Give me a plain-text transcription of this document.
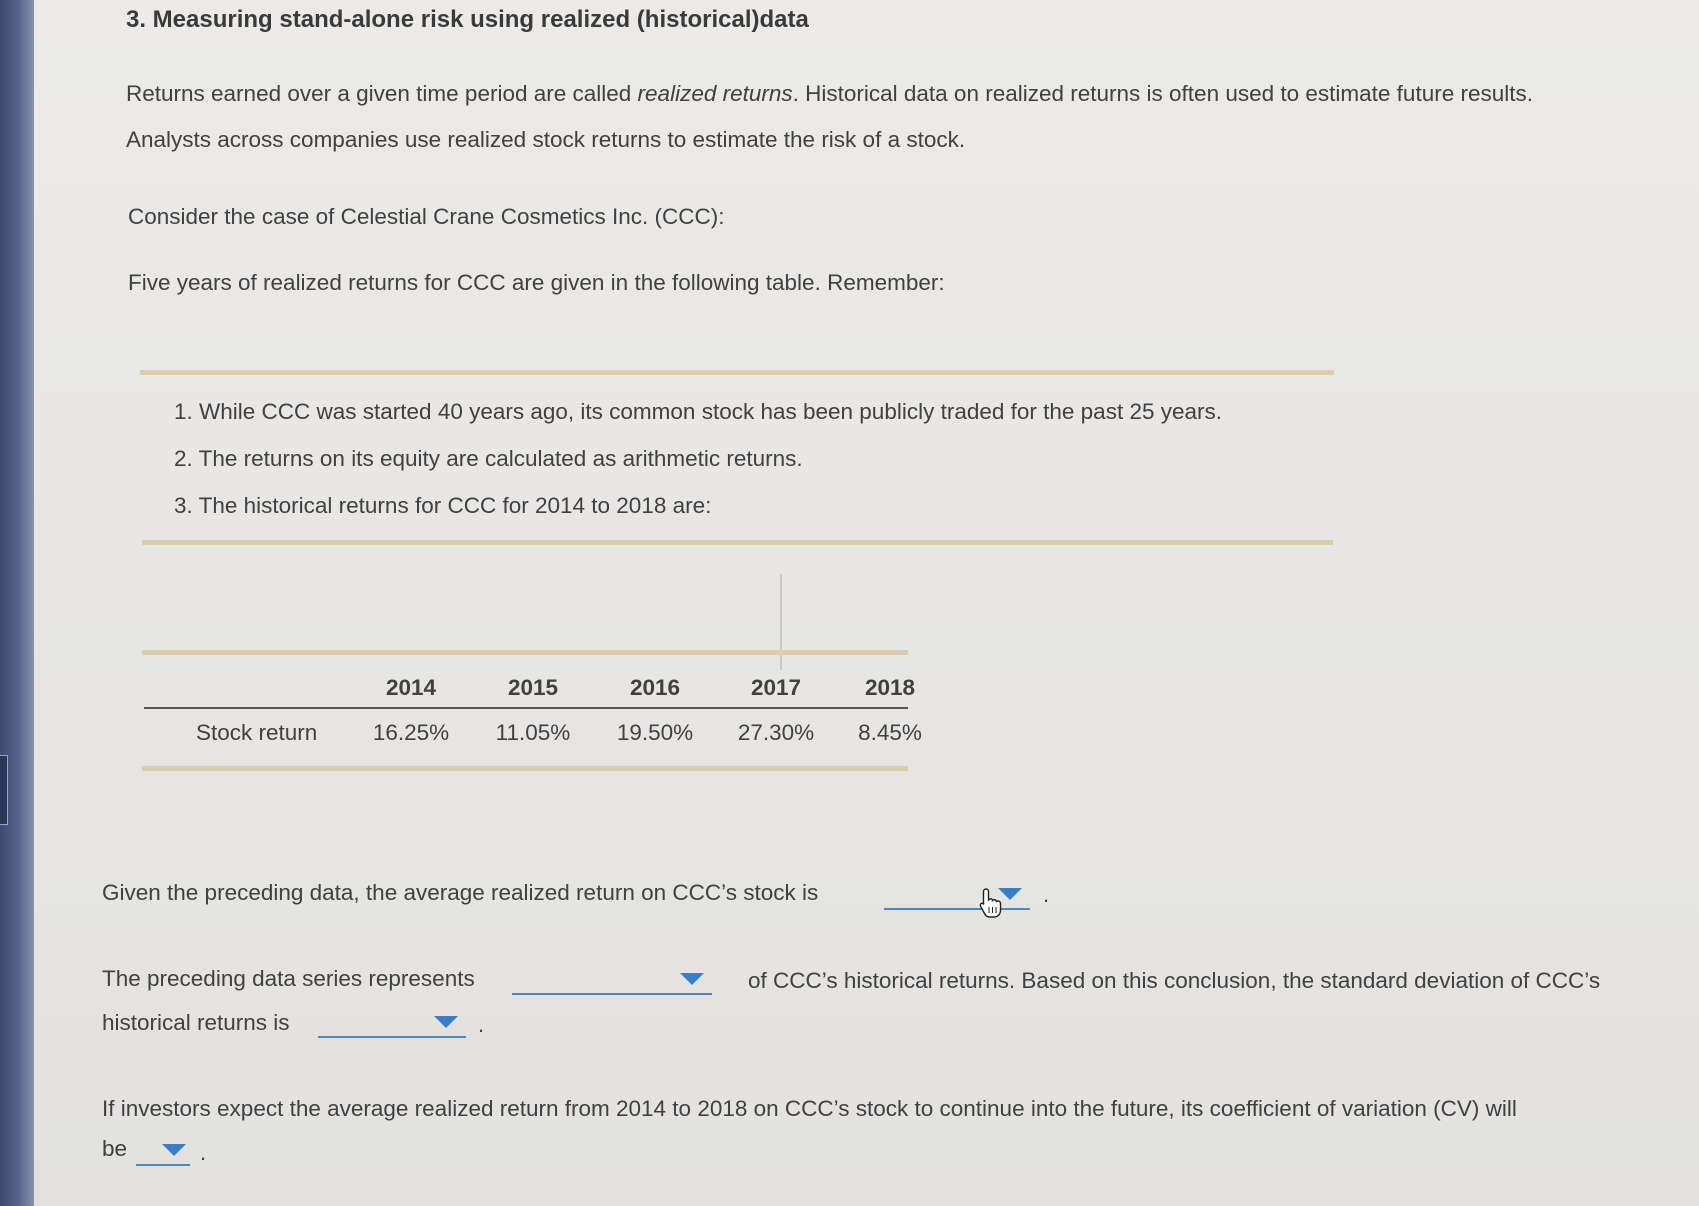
3. Measuring stand-alone risk using realized (historical)data
Returns earned over a given time period are called realized returns. Historical data on realized returns is often used to estimate future results.
Analysts across companies use realized stock returns to estimate the risk of a stock.
Consider the case of Celestial Crane Cosmetics Inc. (CCC):
Five years of realized returns for CCC are given in the following table. Remember:
1. While CCC was started 40 years ago, its common stock has been publicly traded for the past 25 years.
2. The returns on its equity are calculated as arithmetic returns.
3. The historical returns for CCC for 2014 to 2018 are:
	2014	2015	2016	2017	2018
Stock return	16.25%	11.05%	19.50%	27.30%	8.45%
Given the preceding data, the average realized return on CCC’s stock is	.
The preceding data series represents	of CCC’s historical returns. Based on this conclusion, the standard deviation of CCC’s
historical returns is	.
If investors expect the average realized return from 2014 to 2018 on CCC’s stock to continue into the future, its coefficient of variation (CV) will
be	.
